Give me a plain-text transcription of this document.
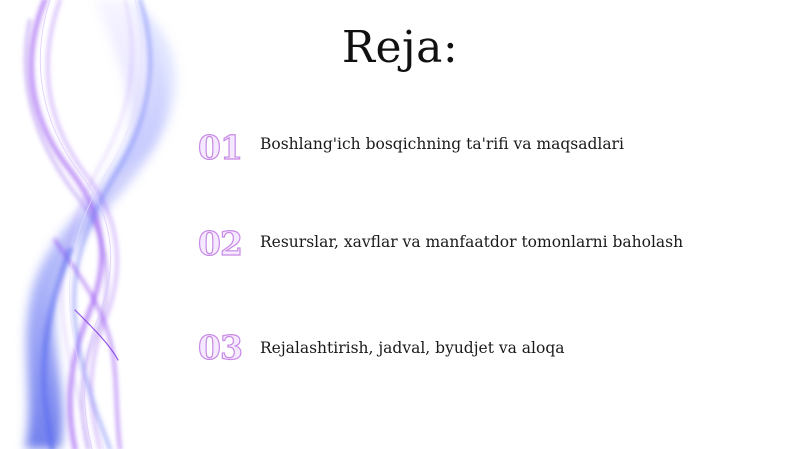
Reja:
01	Boshlang'ich bosqichning ta'rifi va maqsadlari
02	Resurslar, xavflar va manfaatdor tomonlarni baholash
03	Rejalashtirish, jadval, byudjet va aloqa
